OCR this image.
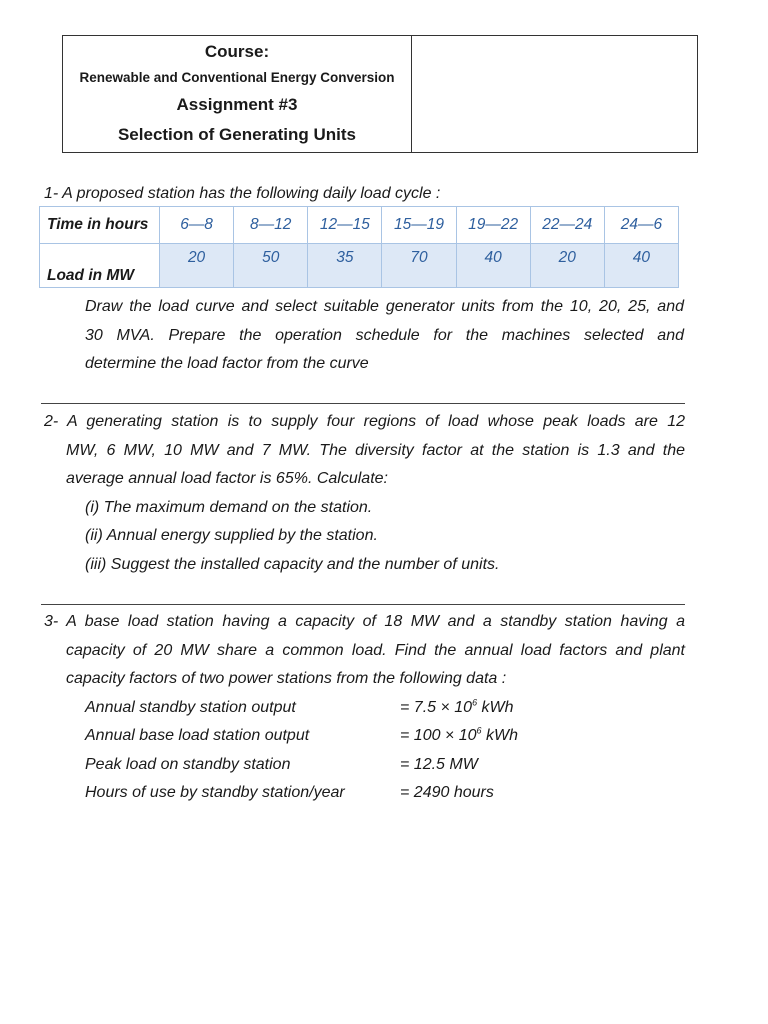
Course:
Renewable and Conventional Energy Conversion
Assignment #3
Selection of Generating Units
1- A proposed station has the following daily load cycle :
Time in hours	6—8	8—12	12—15	15—19	19—22	22—24	24—6
Load in MW	20	50	35	70	40	20	40
Draw the load curve and select suitable generator units from the 10, 20, 25, and
30 MVA. Prepare the operation schedule for the machines selected and
determine the load factor from the curve
2- A generating station is to supply four regions of load whose peak loads are 12
MW, 6 MW, 10 MW and 7 MW. The diversity factor at the station is 1.3 and the
average annual load factor is 65%. Calculate:
(i) The maximum demand on the station.
(ii) Annual energy supplied by the station.
(iii) Suggest the installed capacity and the number of units.
3- A base load station having a capacity of 18 MW and a standby station having a
capacity of 20 MW share a common load. Find the annual load factors and plant
capacity factors of two power stations from the following data :
Annual standby station output	= $7.5 \times 10^6$ kWh
Annual base load station output	= $100 \times 10^6$ kWh
Peak load on standby station	= 12.5 MW
Hours of use by standby station/year	= 2490 hours
